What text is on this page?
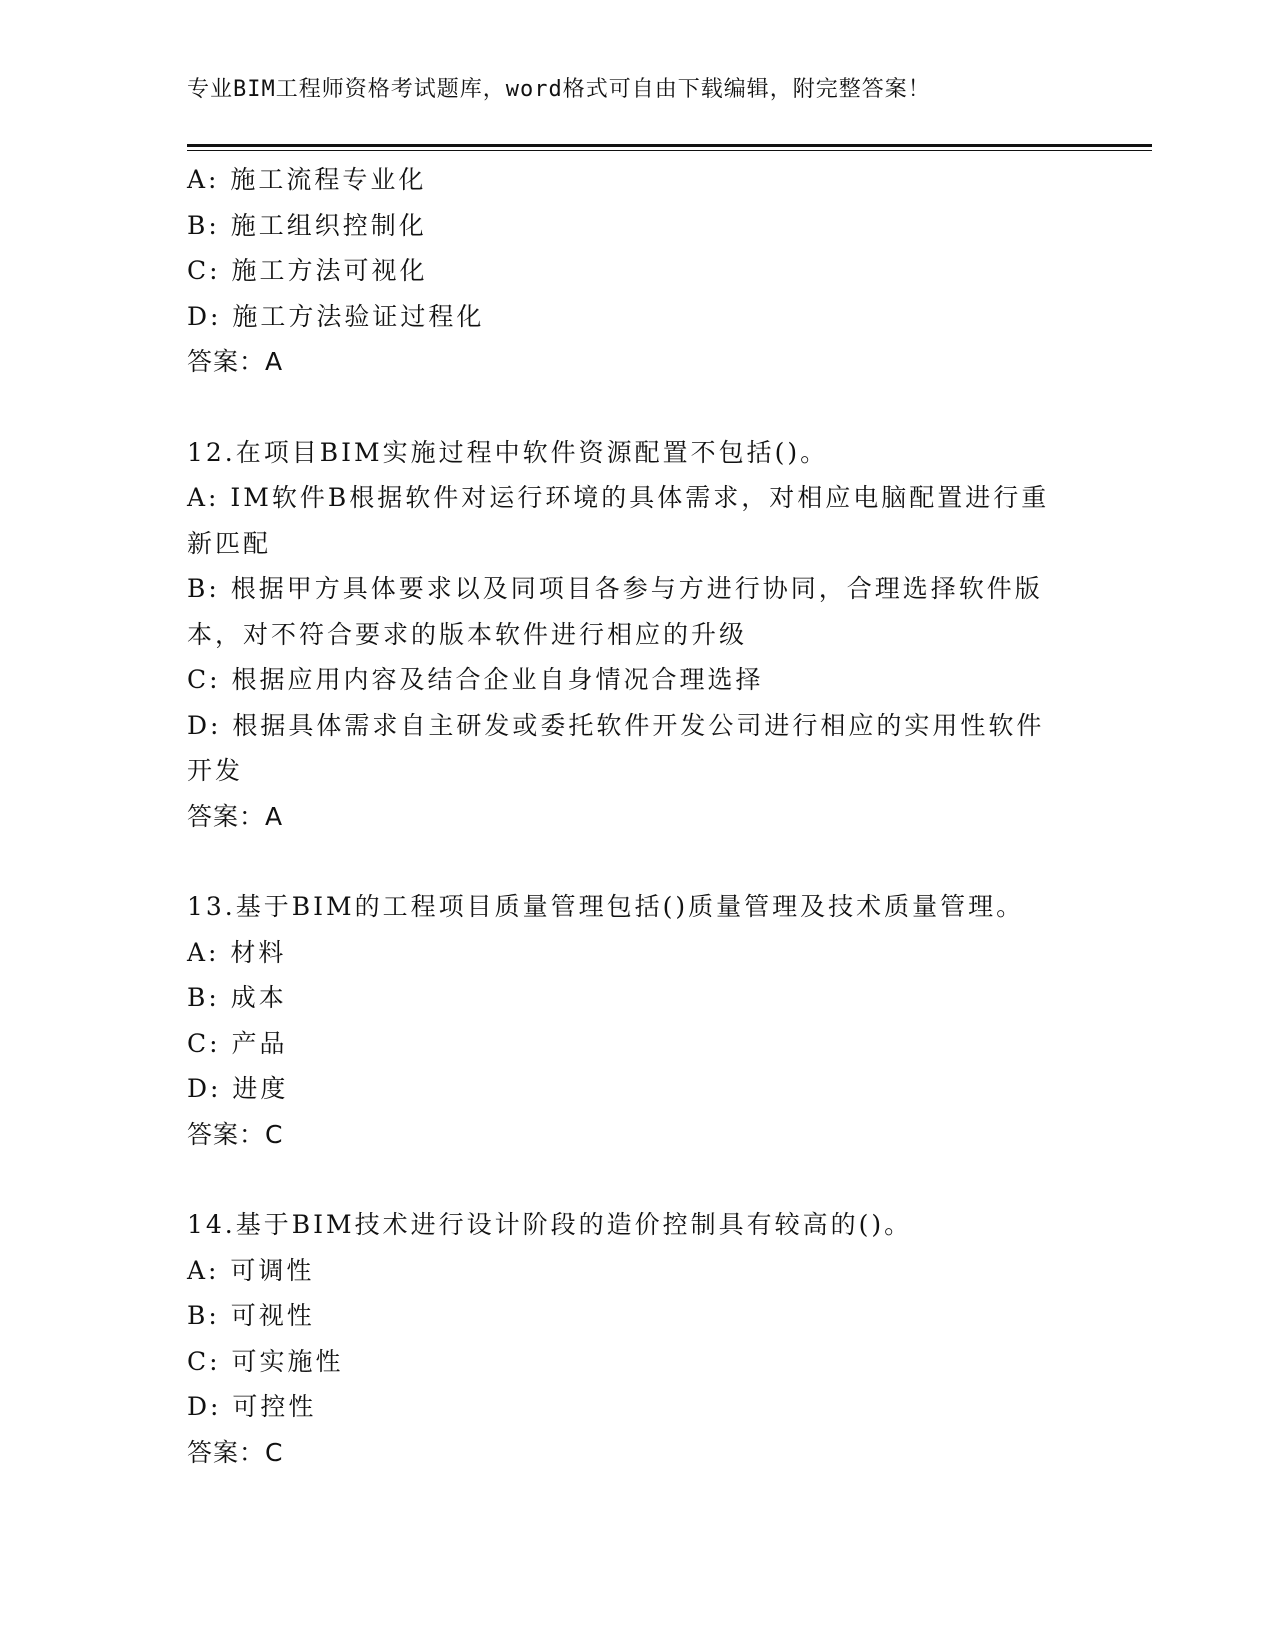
专业BIM工程师资格考试题库，word格式可自由下载编辑，附完整答案！
A: 施工流程专业化
B: 施工组织控制化
C: 施工方法可视化
D: 施工方法验证过程化
答案：A
12.在项目BIM实施过程中软件资源配置不包括()。
A: IM软件B根据软件对运行环境的具体需求，对相应电脑配置进行重
新匹配
B: 根据甲方具体要求以及同项目各参与方进行协同，合理选择软件版
本，对不符合要求的版本软件进行相应的升级
C: 根据应用内容及结合企业自身情况合理选择
D: 根据具体需求自主研发或委托软件开发公司进行相应的实用性软件
开发
答案：A
13.基于BIM的工程项目质量管理包括()质量管理及技术质量管理。
A: 材料
B: 成本
C: 产品
D: 进度
答案：C
14.基于BIM技术进行设计阶段的造价控制具有较高的()。
A: 可调性
B: 可视性
C: 可实施性
D: 可控性
答案：C
